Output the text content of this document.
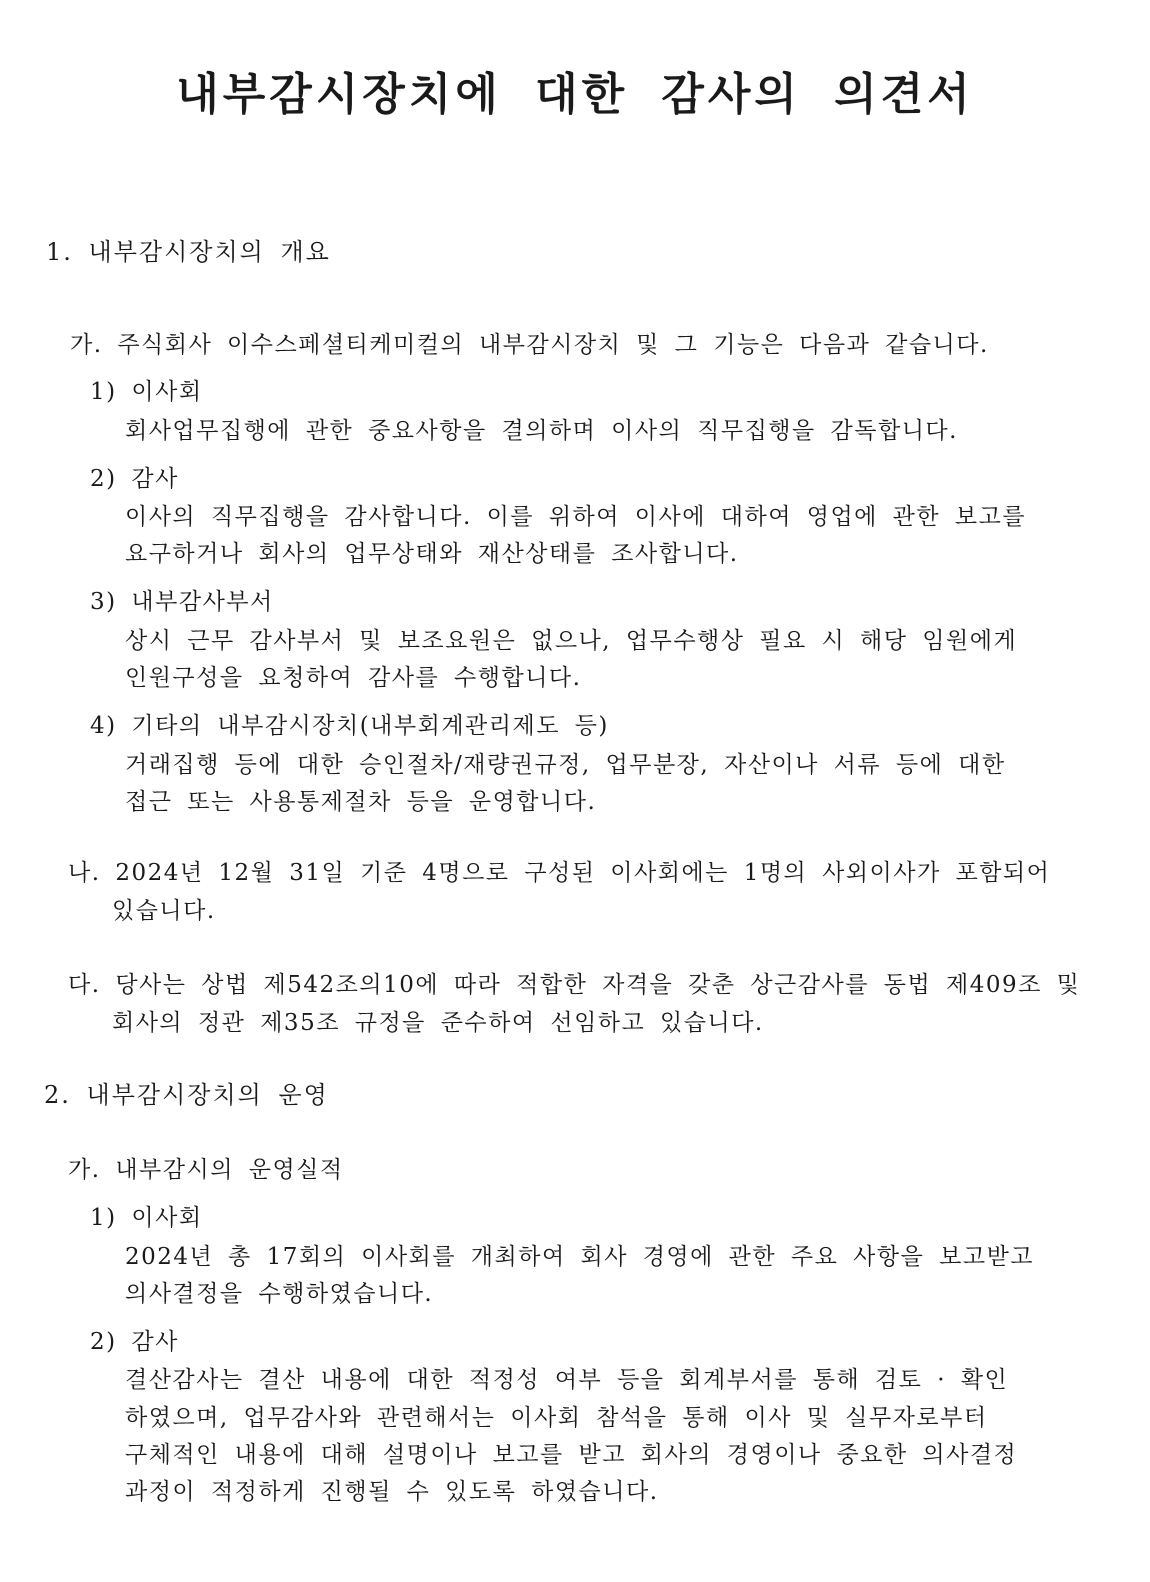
내부감시장치에 대한 감사의 의견서

1. 내부감시장치의 개요

가. 주식회사 이수스페셜티케미컬의 내부감시장치 및 그 기능은 다음과 같습니다.

1) 이사회

회사업무집행에 관한 중요사항을 결의하며 이사의 직무집행을 감독합니다.

2) 감사

이사의 직무집행을 감사합니다. 이를 위하여 이사에 대하여 영업에 관한 보고를

요구하거나 회사의 업무상태와 재산상태를 조사합니다.

3) 내부감사부서

상시 근무 감사부서 및 보조요원은 없으나, 업무수행상 필요 시 해당 임원에게

인원구성을 요청하여 감사를 수행합니다.

4) 기타의 내부감시장치(내부회계관리제도 등)

거래집행 등에 대한 승인절차/재량권규정, 업무분장, 자산이나 서류 등에 대한

접근 또는 사용통제절차 등을 운영합니다.

나. 2024년 12월 31일 기준 4명으로 구성된 이사회에는 1명의 사외이사가 포함되어

있습니다.

다. 당사는 상법 제542조의10에 따라 적합한 자격을 갖춘 상근감사를 동법 제409조 및

회사의 정관 제35조 규정을 준수하여 선임하고 있습니다.

2. 내부감시장치의 운영

가. 내부감시의 운영실적

1) 이사회

2024년 총 17회의 이사회를 개최하여 회사 경영에 관한 주요 사항을 보고받고

의사결정을 수행하였습니다.

2) 감사

결산감사는 결산 내용에 대한 적정성 여부 등을 회계부서를 통해 검토 · 확인

하였으며, 업무감사와 관련해서는 이사회 참석을 통해 이사 및 실무자로부터

구체적인 내용에 대해 설명이나 보고를 받고 회사의 경영이나 중요한 의사결정

과정이 적정하게 진행될 수 있도록 하였습니다.
